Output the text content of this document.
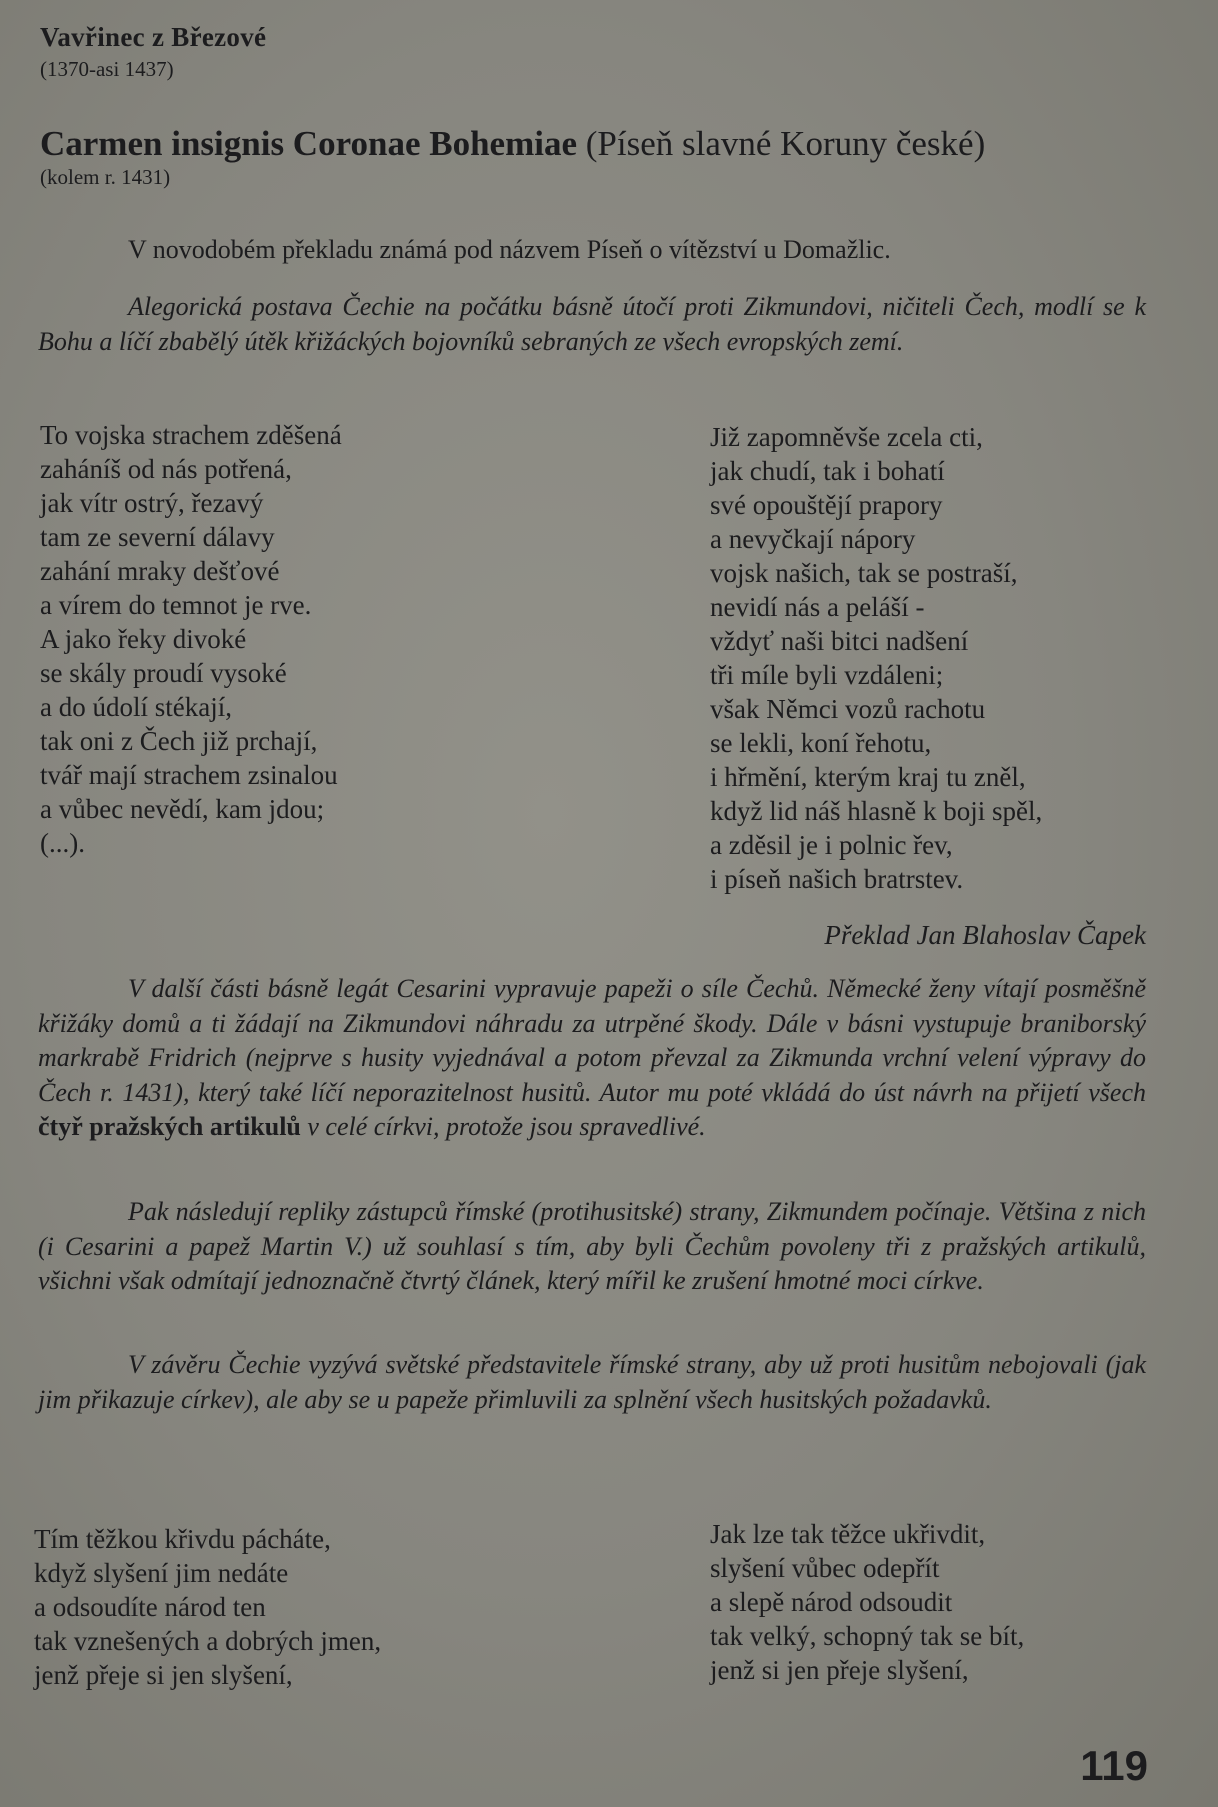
Vavřinec z Březové
(1370-asi 1437)
Carmen insignis Coronae Bohemiae (Píseň slavné Koruny české)
(kolem r. 1431)
V novodobém překladu známá pod názvem Píseň o vítězství u Domažlic.
Alegorická postava Čechie na počátku básně útočí proti Zikmundovi, ničiteli Čech, modlí se k Bohu a líčí zbabělý útěk křižáckých bojovníků sebraných ze všech evropských zemí.
To vojska strachem zděšená
zaháníš od nás potřená,
jak vítr ostrý, řezavý
tam ze severní dálavy
zahání mraky dešťové
a vírem do temnot je rve.
A jako řeky divoké
se skály proudí vysoké
a do údolí stékají,
tak oni z Čech již prchají,
tvář mají strachem zsinalou
a vůbec nevědí, kam jdou;
(...).
Již zapomněvše zcela cti,
jak chudí, tak i bohatí
své opouštějí prapory
a nevyčkají nápory
vojsk našich, tak se postraší,
nevidí nás a peláší -
vždyť naši bitci nadšení
tři míle byli vzdáleni;
však Němci vozů rachotu
se lekli, koní řehotu,
i hřmění, kterým kraj tu zněl,
když lid náš hlasně k boji spěl,
a zděsil je i polnic řev,
i píseň našich bratrstev.
Překlad Jan Blahoslav Čapek
V další části básně legát Cesarini vypravuje papeži o síle Čechů. Německé ženy vítají posměšně křižáky domů a ti žádají na Zikmundovi náhradu za utrpěné škody. Dále v básni vystupuje braniborský markrabě Fridrich (nejprve s husity vyjednával a potom převzal za Zikmunda vrchní velení výpravy do Čech r. 1431), který také líčí neporazitelnost husitů. Autor mu poté vkládá do úst návrh na přijetí všech čtyř pražských artikulů v celé církvi, protože jsou spravedlivé.
Pak následují repliky zástupců římské (protihusitské) strany, Zikmundem počínaje. Většina z nich (i Cesarini a papež Martin V.) už souhlasí s tím, aby byli Čechům povoleny tři z pražských artikulů, všichni však odmítají jednoznačně čtvrtý článek, který mířil ke zrušení hmotné moci církve.
V závěru Čechie vyzývá světské představitele římské strany, aby už proti husitům nebojovali (jak jim přikazuje církev), ale aby se u papeže přimluvili za splnění všech husitských požadavků.
Tím těžkou křivdu pácháte,
když slyšení jim nedáte
a odsoudíte národ ten
tak vznešených a dobrých jmen,
jenž přeje si jen slyšení,
Jak lze tak těžce ukřivdit,
slyšení vůbec odepřít
a slepě národ odsoudit
tak velký, schopný tak se bít,
jenž si jen přeje slyšení,
119
